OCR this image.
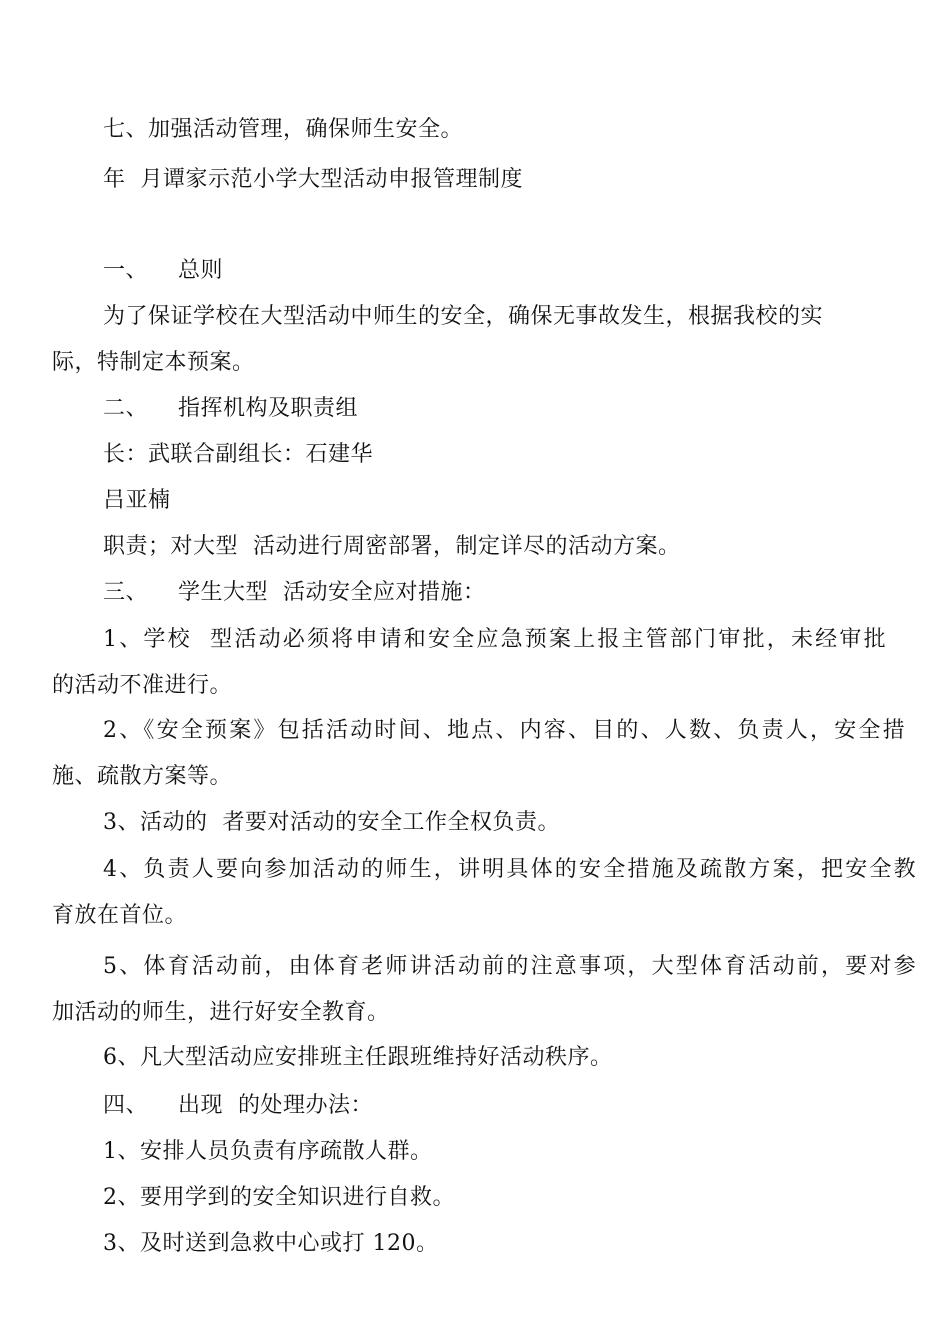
七、加强活动管理，确保师生安全。
年  月谭家示范小学大型活动申报管理制度
一、    总则
为了保证学校在大型活动中师生的安全，确保无事故发生，根据我校的实
际，特制定本预案。
二、    指挥机构及职责组
长：武联合副组长：石建华
吕亚楠
职责；对大型  活动进行周密部署，制定详尽的活动方案。
三、    学生大型  活动安全应对措施：
1、学校  型活动必须将申请和安全应急预案上报主管部门审批，未经审批
的活动不准进行。
2、《安全预案》包括活动时间、地点、内容、目的、人数、负责人，安全措
施、疏散方案等。
3、活动的  者要对活动的安全工作全权负责。
4、负责人要向参加活动的师生，讲明具体的安全措施及疏散方案，把安全教
育放在首位。
5、体育活动前，由体育老师讲活动前的注意事项，大型体育活动前，要对参
加活动的师生，进行好安全教育。
6、凡大型活动应安排班主任跟班维持好活动秩序。
四、    出现  的处理办法：
1、安排人员负责有序疏散人群。
2、要用学到的安全知识进行自救。
3、及时送到急救中心或打 120。
